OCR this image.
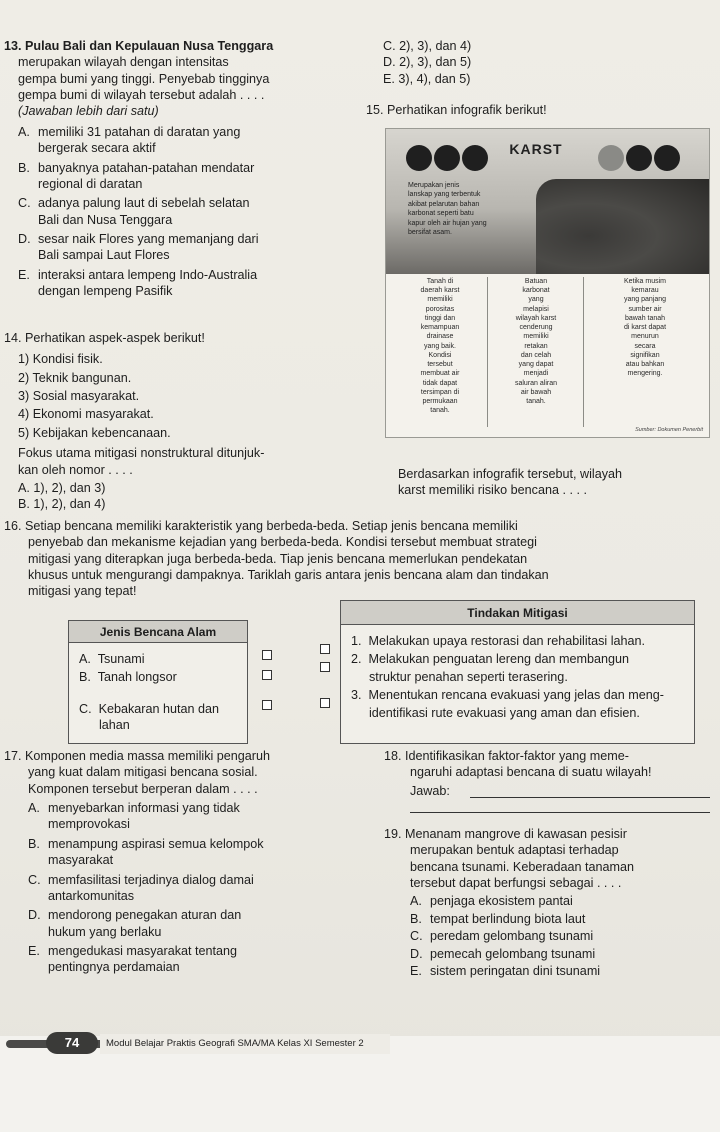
13. Pulau Bali dan Kepulauan Nusa Tenggara
merupakan wilayah dengan intensitas
gempa bumi yang tinggi. Penyebab tingginya
gempa bumi di wilayah tersebut adalah . . . .
(Jawaban lebih dari satu)
A. memiliki 31 patahan di daratan yang
bergerak secara aktif
B. banyaknya patahan-patahan mendatar
regional di daratan
C. adanya palung laut di sebelah selatan
Bali dan Nusa Tenggara
D. sesar naik Flores yang memanjang dari
Bali sampai Laut Flores
E. interaksi antara lempeng Indo-Australia
dengan lempeng Pasifik
14. Perhatikan aspek-aspek berikut!
1) Kondisi fisik.
2) Teknik bangunan.
3) Sosial masyarakat.
4) Ekonomi masyarakat.
5) Kebijakan kebencanaan.
Fokus utama mitigasi nonstruktural ditunjuk-
kan oleh nomor . . . .
A. 1), 2), dan 3)
B. 1), 2), dan 4)
C. 2), 3), dan 4)
D. 2), 3), dan 5)
E. 3), 4), dan 5)
15. Perhatikan infografik berikut!
KARST
Merupakan jenis
lanskap yang terbentuk
akibat pelarutan bahan
karbonat seperti batu
kapur oleh air hujan yang
bersifat asam.
Tanah di
daerah karst
memiliki
porositas
tinggi dan
kemampuan
drainase
yang baik.
Kondisi
tersebut
membuat air
tidak dapat
tersimpan di
permukaan
tanah.
Batuan
karbonat
yang
melapisi
wilayah karst
cenderung
memiliki
retakan
dan celah
yang dapat
menjadi
saluran aliran
air bawah
tanah.
Ketika musim
kemarau
yang panjang
sumber air
bawah tanah
di karst dapat
menurun
secara
signifikan
atau bahkan
mengering.
Sumber: Dokumen Penerbit
Berdasarkan infografik tersebut, wilayah
karst memiliki risiko bencana . . . .
16. Setiap bencana memiliki karakteristik yang berbeda-beda. Setiap jenis bencana memiliki
penyebab dan mekanisme kejadian yang berbeda-beda. Kondisi tersebut membuat strategi
mitigasi yang diterapkan juga berbeda-beda. Tiap jenis bencana memerlukan pendekatan
khusus untuk mengurangi dampaknya. Tariklah garis antara jenis bencana alam dan tindakan
mitigasi yang tepat!
Jenis Bencana Alam
A. Tsunami
B. Tanah longsor
C. Kebakaran hutan dan
lahan
Tindakan Mitigasi
1. Melakukan upaya restorasi dan rehabilitasi lahan.
2. Melakukan penguatan lereng dan membangun
struktur penahan seperti terasering.
3. Menentukan rencana evakuasi yang jelas dan meng-
identifikasi rute evakuasi yang aman dan efisien.
17. Komponen media massa memiliki pengaruh
yang kuat dalam mitigasi bencana sosial.
Komponen tersebut berperan dalam . . . .
A. menyebarkan informasi yang tidak
memprovokasi
B. menampung aspirasi semua kelompok
masyarakat
C. memfasilitasi terjadinya dialog damai
antarkomunitas
D. mendorong penegakan aturan dan
hukum yang berlaku
E. mengedukasi masyarakat tentang
pentingnya perdamaian
18. Identifikasikan faktor-faktor yang meme-
ngaruhi adaptasi bencana di suatu wilayah!
Jawab:
19. Menanam mangrove di kawasan pesisir
merupakan bentuk adaptasi terhadap
bencana tsunami. Keberadaan tanaman
tersebut dapat berfungsi sebagai . . . .
A. penjaga ekosistem pantai
B. tempat berlindung biota laut
C. peredam gelombang tsunami
D. pemecah gelombang tsunami
E. sistem peringatan dini tsunami
74	Modul Belajar Praktis Geografi SMA/MA Kelas XI Semester 2
